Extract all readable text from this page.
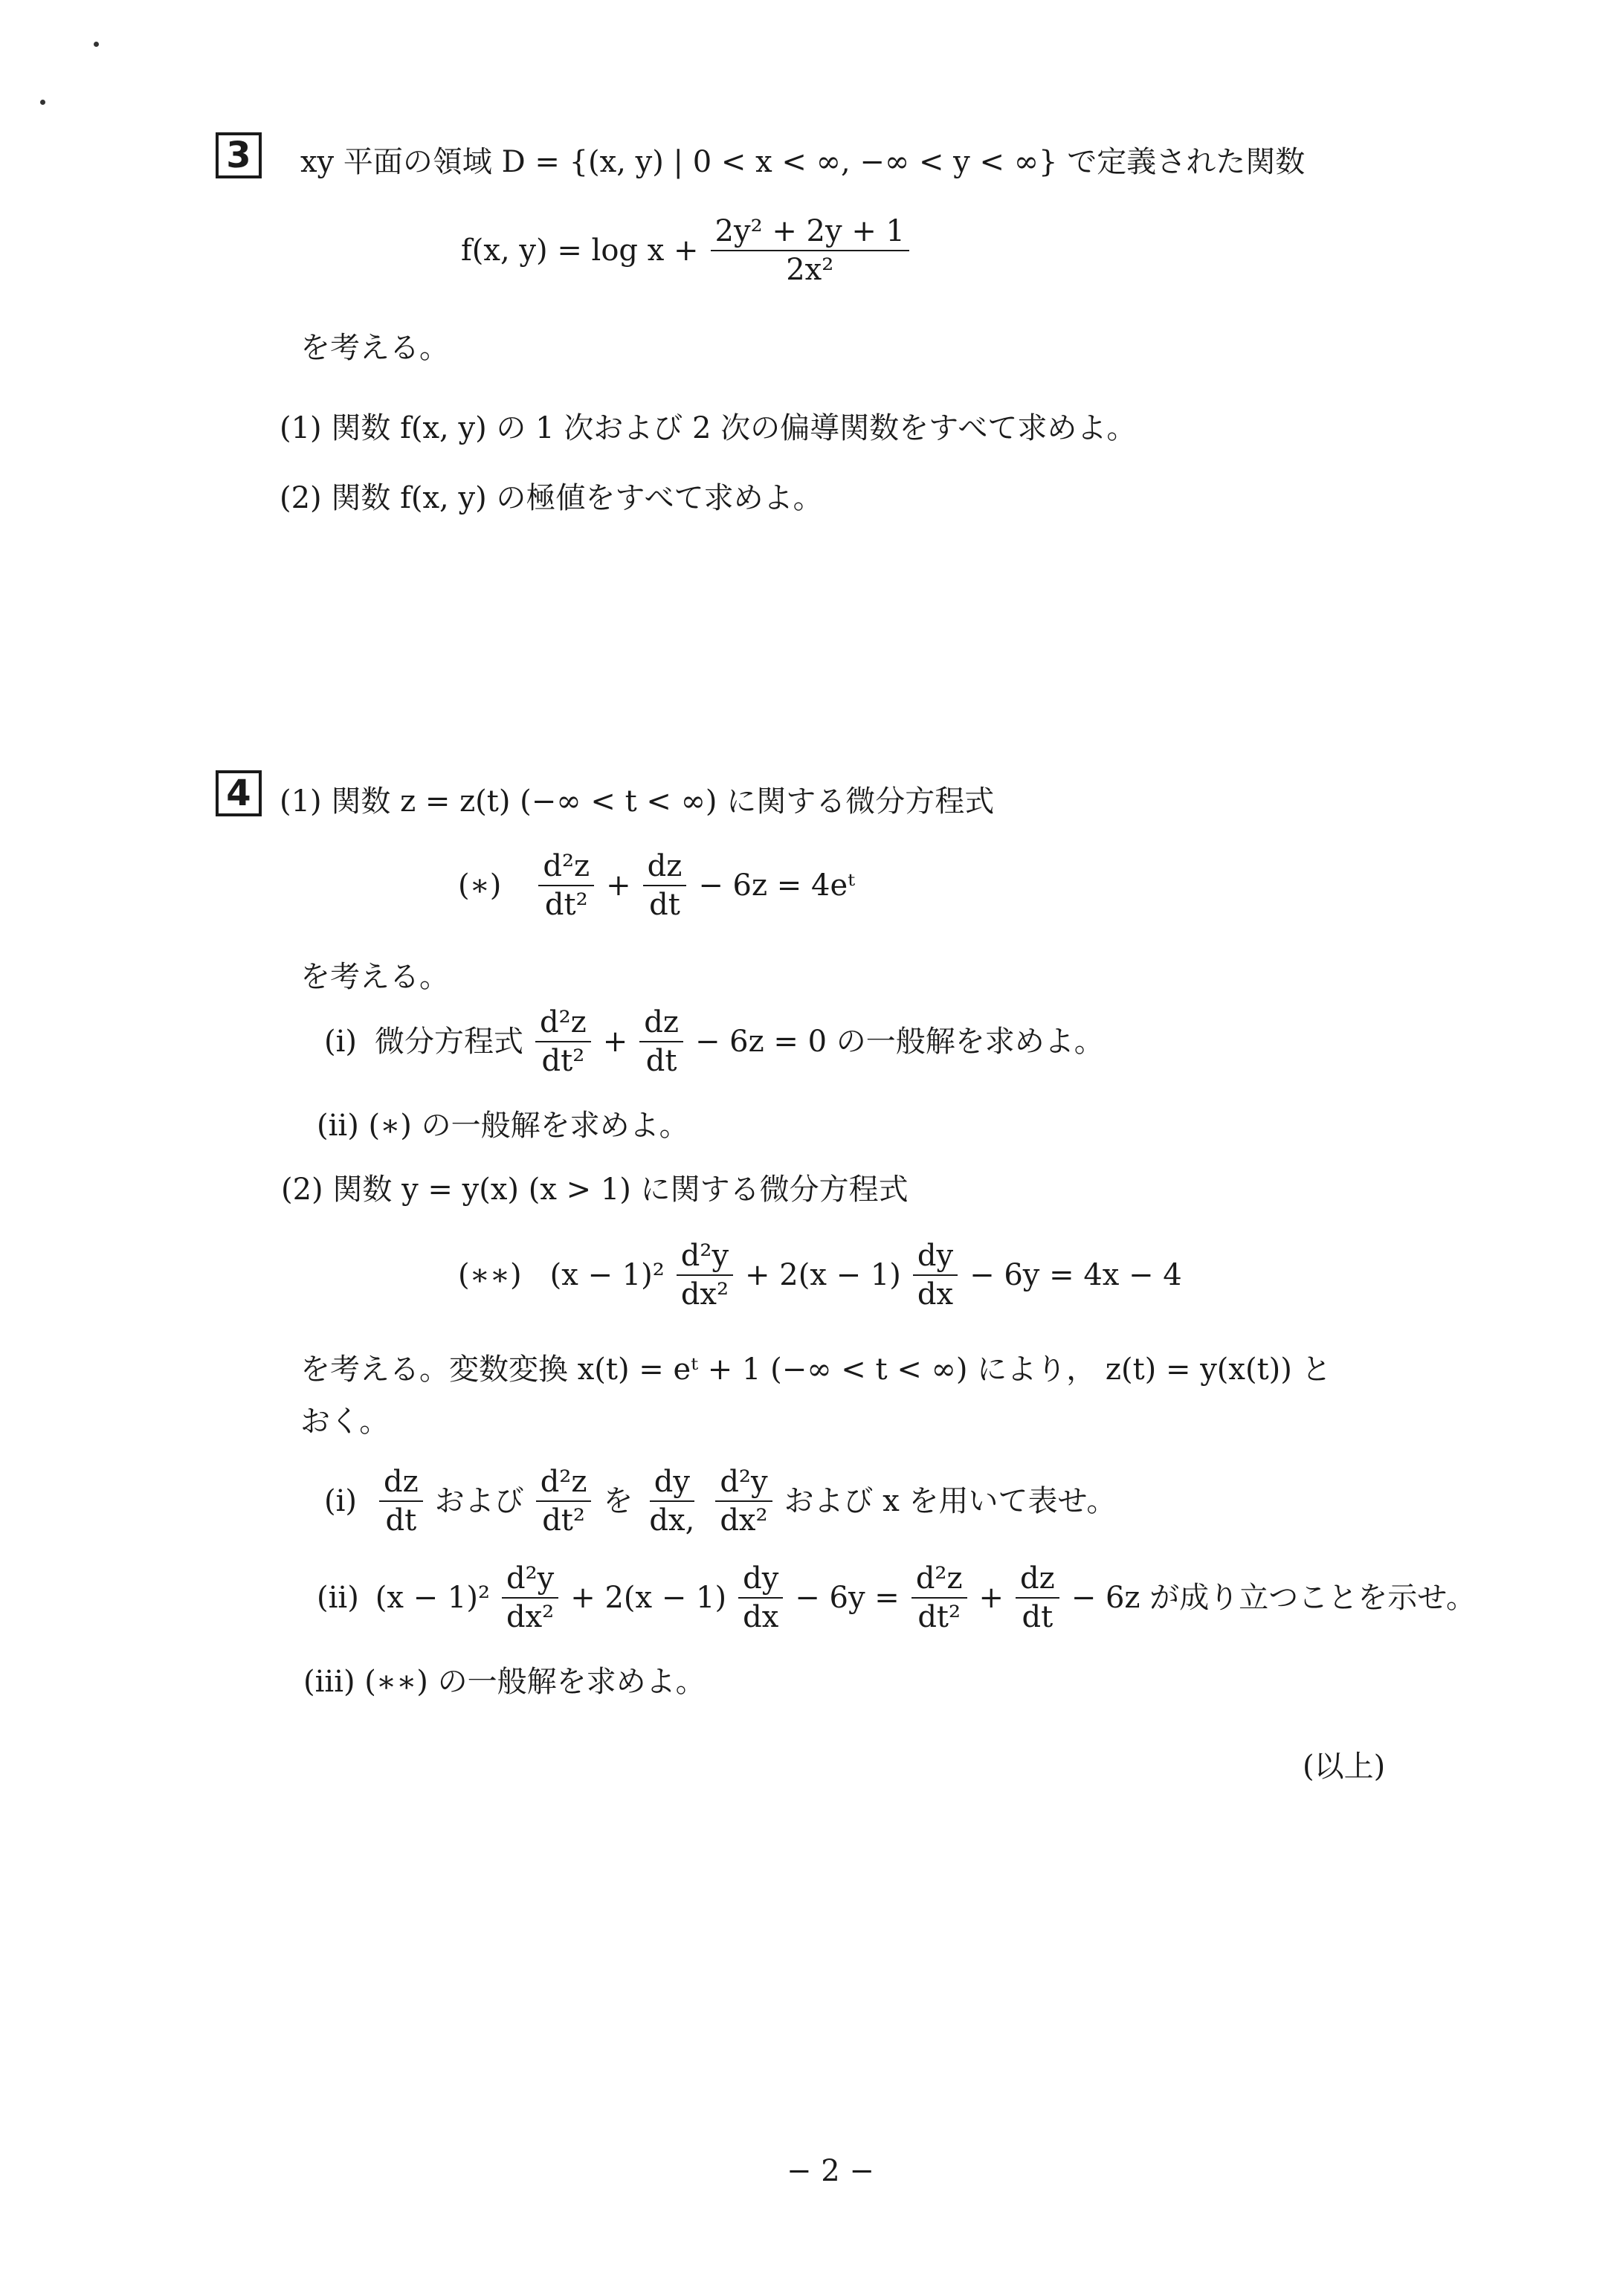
3	xy 平面の領域 D = {(x, y) | 0 < x < ∞, −∞ < y < ∞} で定義された関数
f(x, $y) = \log x + \frac{\text{2y² + 2y + 1}}{\text{2x²}}$
を考える。
(1) 関数 f(x, y) の 1 次および 2 次の偏導関数をすべて求めよ。
(2) 関数 f(x, y) の極値をすべて求めよ。
4 (1) 関数 z = z(t) (−∞ < t < ∞) に関する微分方程式
(∗) $\frac{\text{d²z}}{\text{dt²}} + \frac{dz}{dt} - 6z$ = 4eᵗ
を考える。
(i) 微分方程式 $\frac{\text{d²z}}{\text{dt²}} + \frac{dz}{dt} - 6z = 0$ の一般解を求めよ。
(ii) (∗) の一般解を求めよ。
(2) 関数 y = y(x) (x > 1) に関する微分方程式
(∗∗) $(x - 1)^2 \frac{\text{d²y}}{\text{dx²}} + 2(x - 1) \frac{dy}{dx} - 6y = 4x - 4$
を考える。変数変換 x(t) = eᵗ + 1 (−∞ < t < ∞) により， z(t) = y(x(t)) と
おく。
$(i) \frac{dz}{dt}$ および $\frac{\text{d²z}}{\text{dt²}}$ を $\frac{dy}{dx,} \frac{\text{d²y}}{\text{dx²}}$ および x を用いて表せ。
(ii) $(x - 1)^2 \frac{\text{d²y}}{\text{dx²}} + 2(x - 1) \frac{dy}{dx} - 6y = \frac{\text{d²z}}{\text{dt²}} + \frac{dz}{dt} - 6z$ が成り立つことを示せ。
(iii) (∗∗) の一般解を求めよ。
(以上)
− 2 −
